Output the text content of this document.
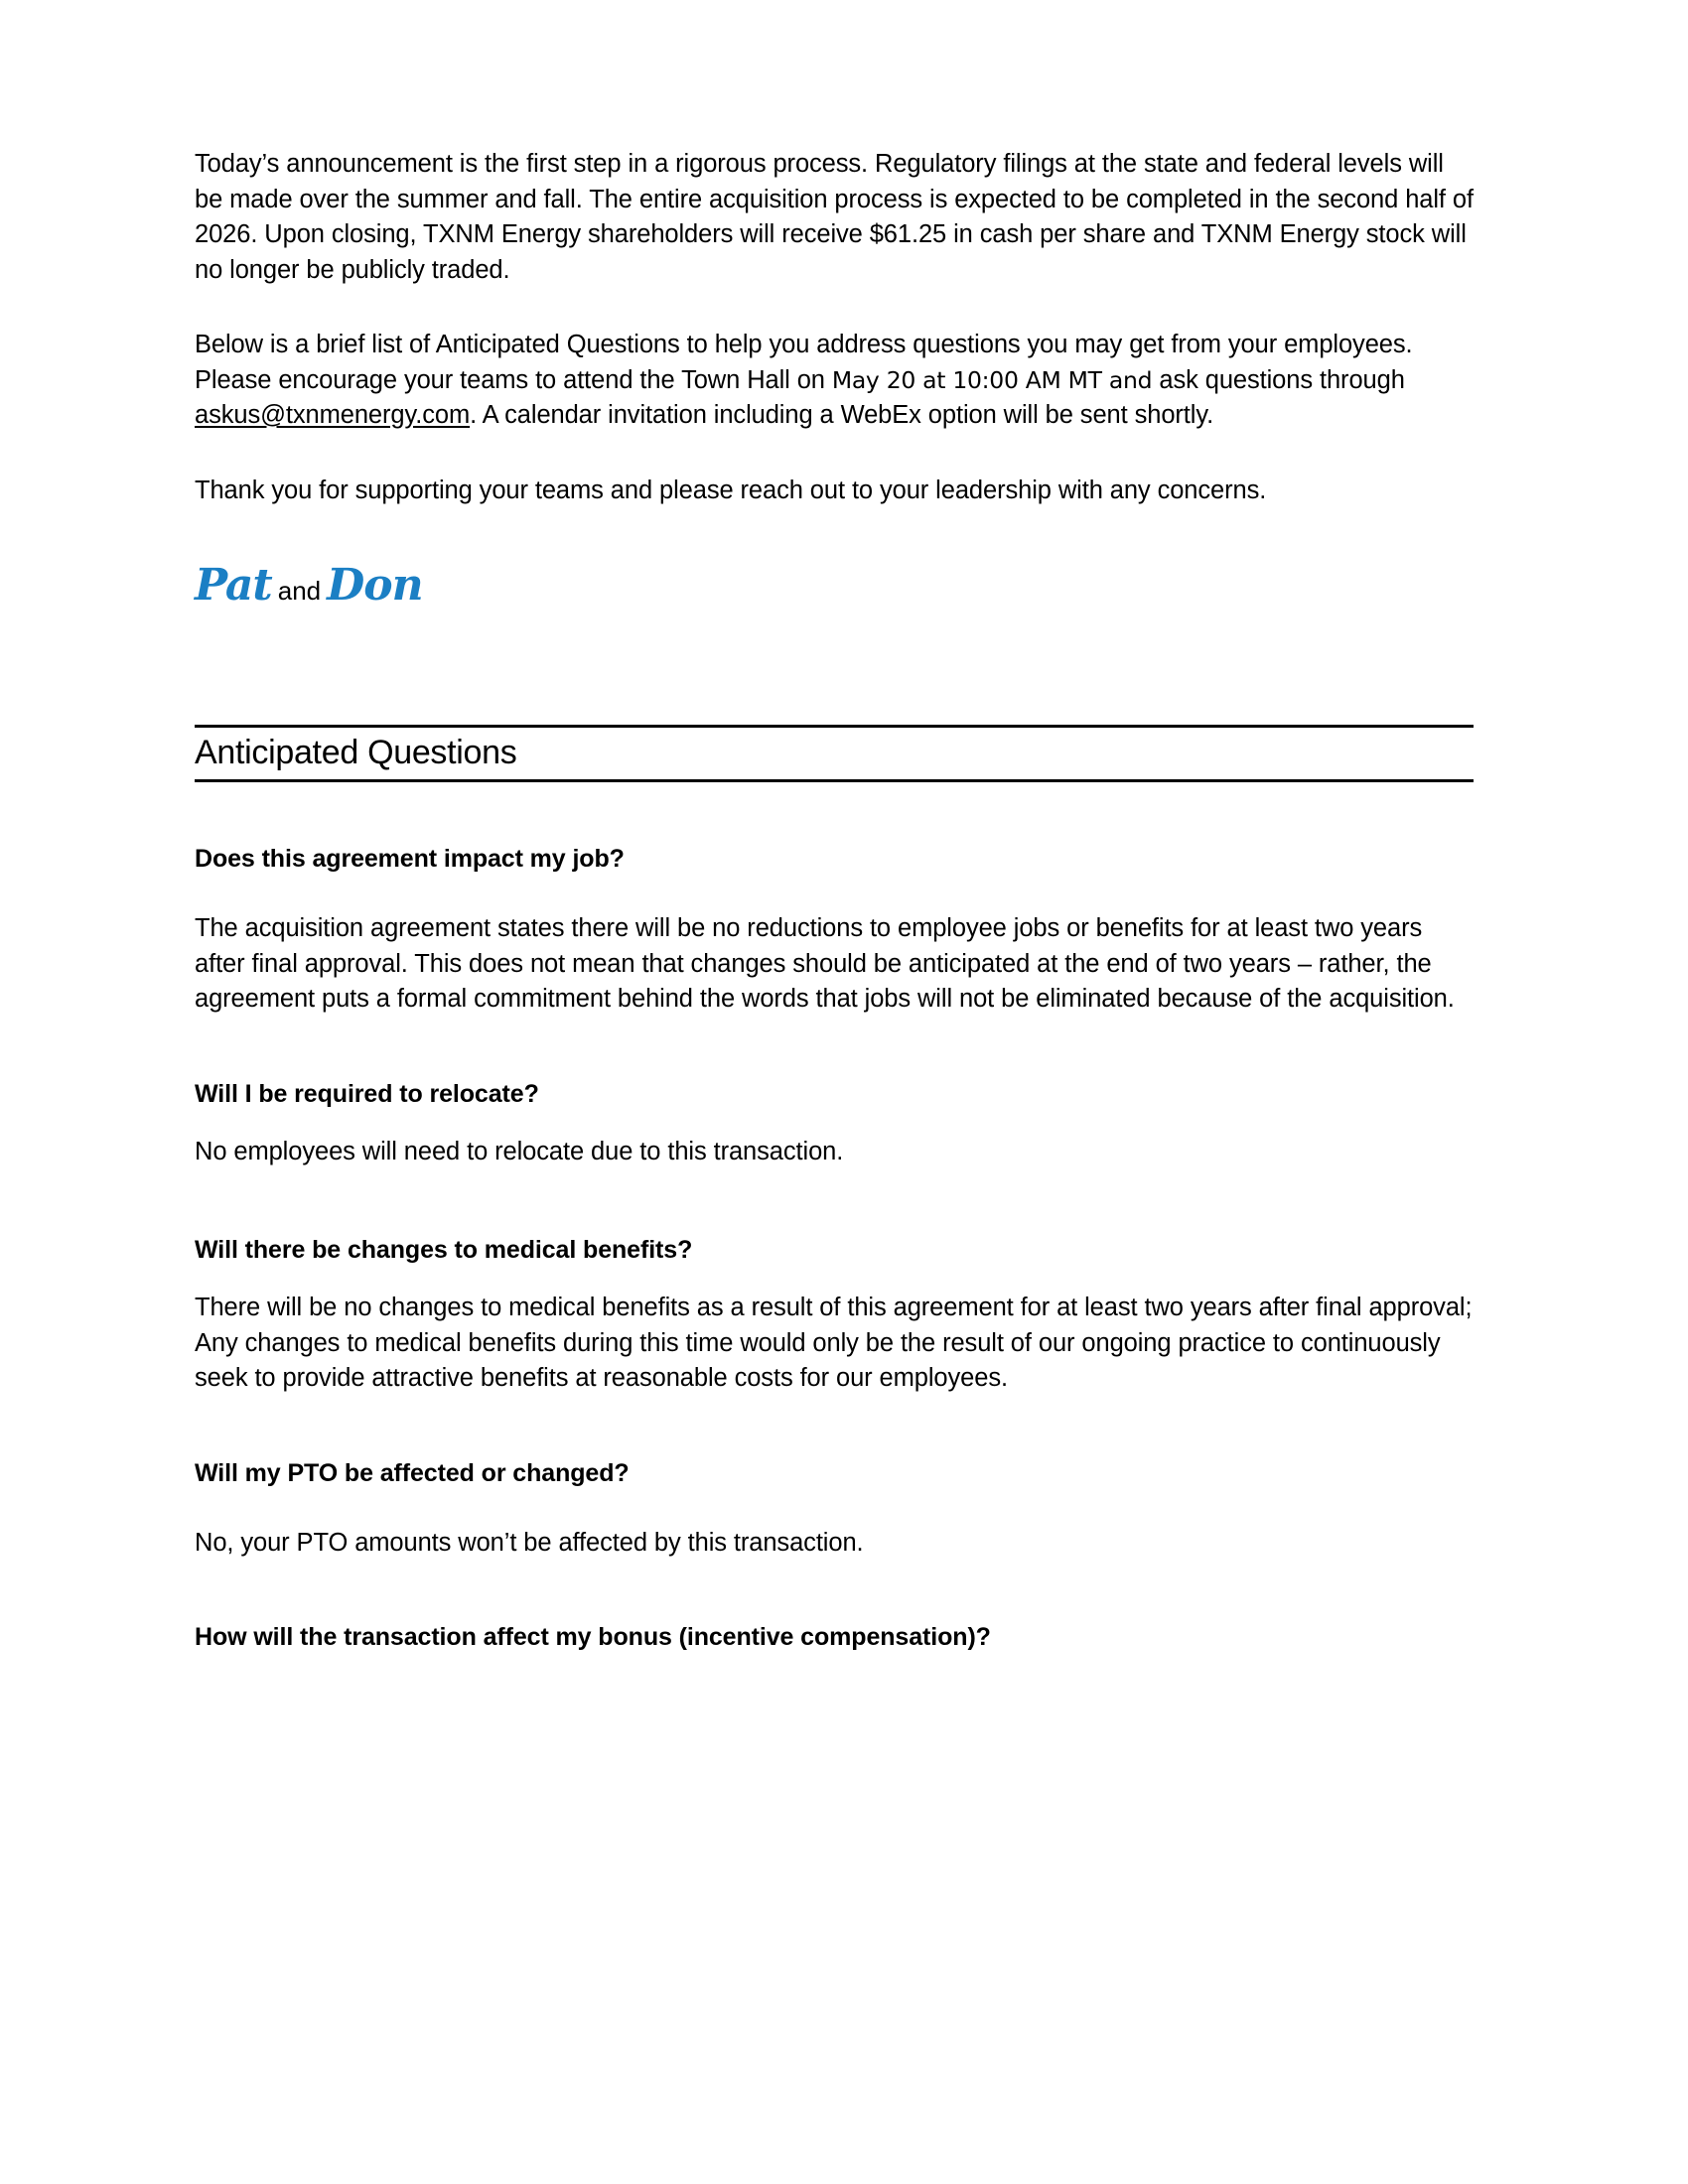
Today’s announcement is the first step in a rigorous process. Regulatory filings at the state and federal levels will be made over the summer and fall. The entire acquisition process is expected to be completed in the second half of 2026. Upon closing, TXNM Energy shareholders will receive $61.25 in cash per share and TXNM Energy stock will no longer be publicly traded.

Below is a brief list of Anticipated Questions to help you address questions you may get from your employees. Please encourage your teams to attend the Town Hall on May 20 at 10:00 AM MT and ask questions through askus@txnmenergy.com. A calendar invitation including a WebEx option will be sent shortly.

Thank you for supporting your teams and please reach out to your leadership with any concerns.

Pat and Don
Anticipated Questions
Does this agreement impact my job?

The acquisition agreement states there will be no reductions to employee jobs or benefits for at least two years after final approval. This does not mean that changes should be anticipated at the end of two years – rather, the agreement puts a formal commitment behind the words that jobs will not be eliminated because of the acquisition.

Will I be required to relocate?

No employees will need to relocate due to this transaction.

Will there be changes to medical benefits?

There will be no changes to medical benefits as a result of this agreement for at least two years after final approval; Any changes to medical benefits during this time would only be the result of our ongoing practice to continuously seek to provide attractive benefits at reasonable costs for our employees.

Will my PTO be affected or changed?

No, your PTO amounts won’t be affected by this transaction.

How will the transaction affect my bonus (incentive compensation)?
